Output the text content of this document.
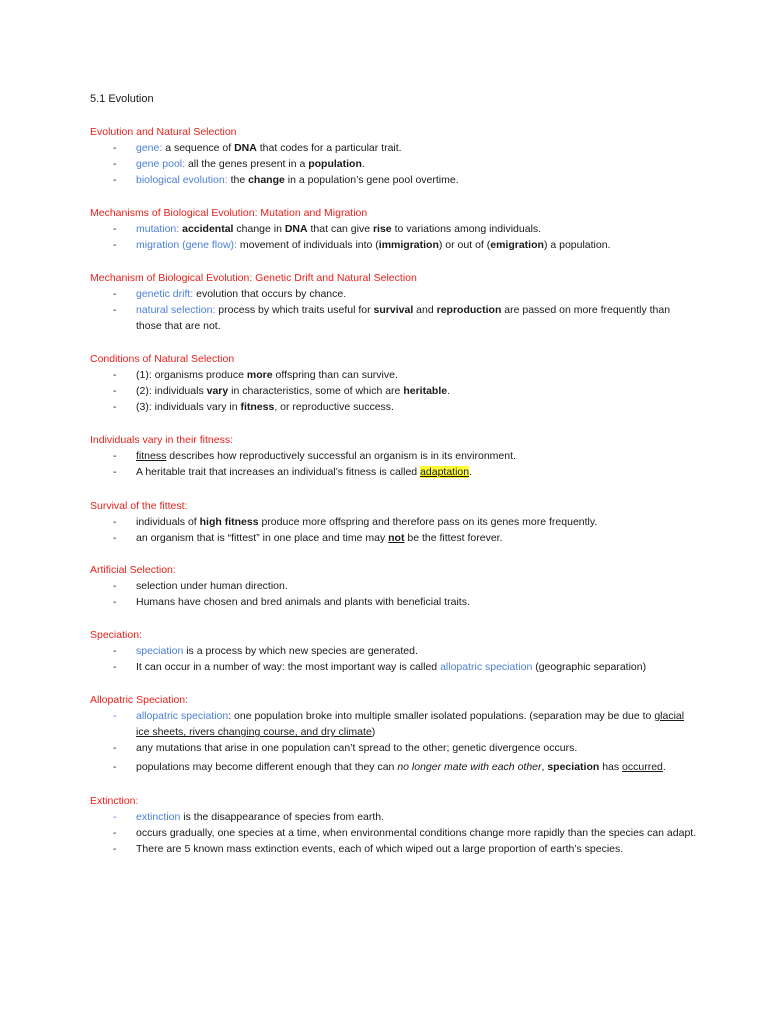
5.1 Evolution
Evolution and Natural Selection
- gene: a sequence of DNA that codes for a particular trait.
- gene pool: all the genes present in a population.
- biological evolution: the change in a population’s gene pool overtime.
Mechanisms of Biological Evolution: Mutation and Migration
- mutation: accidental change in DNA that can give rise to variations among individuals.
- migration (gene flow): movement of individuals into (immigration) or out of (emigration) a population.
Mechanism of Biological Evolution: Genetic Drift and Natural Selection
- genetic drift: evolution that occurs by chance.
- natural selection: process by which traits useful for survival and reproduction are passed on more frequently than those that are not.
Conditions of Natural Selection
- (1): organisms produce more offspring than can survive.
- (2): individuals vary in characteristics, some of which are heritable.
- (3): individuals vary in fitness, or reproductive success.
Individuals vary in their fitness:
- fitness describes how reproductively successful an organism is in its environment.
- A heritable trait that increases an individual’s fitness is called adaptation.
Survival of the fittest:
- individuals of high fitness produce more offspring and therefore pass on its genes more frequently.
- an organism that is “fittest” in one place and time may not be the fittest forever.
Artificial Selection:
- selection under human direction.
- Humans have chosen and bred animals and plants with beneficial traits.
Speciation:
- speciation is a process by which new species are generated.
- It can occur in a number of way: the most important way is called allopatric speciation (geographic separation)
Allopatric Speciation:
- allopatric speciation: one population broke into multiple smaller isolated populations. (separation may be due to glacial ice sheets, rivers changing course, and dry climate)
- any mutations that arise in one population can’t spread to the other; genetic divergence occurs.
- populations may become different enough that they can no longer mate with each other, speciation has occurred.
Extinction:
- extinction is the disappearance of species from earth.
- occurs gradually, one species at a time, when environmental conditions change more rapidly than the species can adapt.
- There are 5 known mass extinction events, each of which wiped out a large proportion of earth’s species.
